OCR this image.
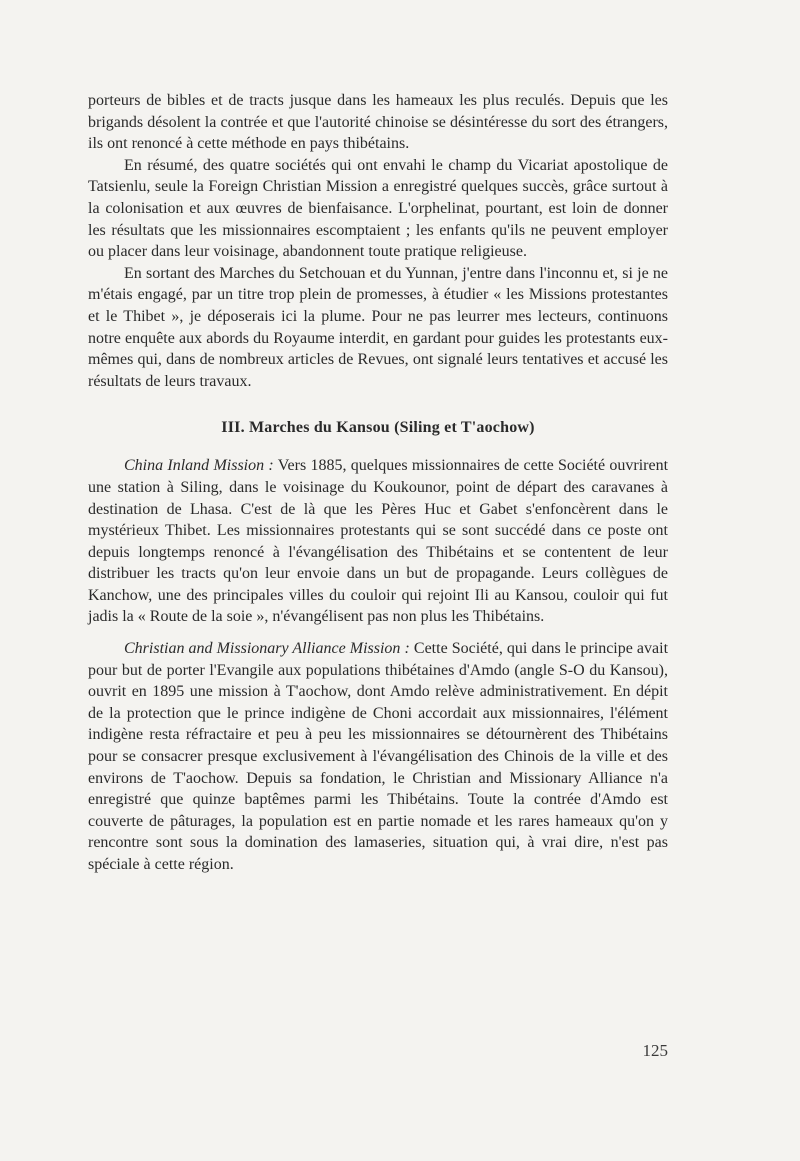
porteurs de bibles et de tracts jusque dans les hameaux les plus reculés. Depuis que les brigands désolent la contrée et que l'autorité chinoise se désintéresse du sort des étrangers, ils ont renoncé à cette méthode en pays thibétains.

En résumé, des quatre sociétés qui ont envahi le champ du Vicariat apostolique de Tatsienlu, seule la Foreign Christian Mission a enregistré quelques succès, grâce surtout à la colonisation et aux œuvres de bienfaisance. L'orphelinat, pourtant, est loin de donner les résultats que les missionnaires escomptaient ; les enfants qu'ils ne peuvent employer ou placer dans leur voisinage, abandonnent toute pratique religieuse.

En sortant des Marches du Setchouan et du Yunnan, j'entre dans l'inconnu et, si je ne m'étais engagé, par un titre trop plein de promesses, à étudier « les Missions protestantes et le Thibet », je déposerais ici la plume. Pour ne pas leurrer mes lecteurs, continuons notre enquête aux abords du Royaume interdit, en gardant pour guides les protestants eux-mêmes qui, dans de nombreux articles de Revues, ont signalé leurs tentatives et accusé les résultats de leurs travaux.

III. Marches du Kansou (Siling et T'aochow)

China Inland Mission : Vers 1885, quelques missionnaires de cette Société ouvrirent une station à Siling, dans le voisinage du Koukounor, point de départ des caravanes à destination de Lhasa. C'est de là que les Pères Huc et Gabet s'enfoncèrent dans le mystérieux Thibet. Les missionnaires protestants qui se sont succédé dans ce poste ont depuis longtemps renoncé à l'évangélisation des Thibétains et se contentent de leur distribuer les tracts qu'on leur envoie dans un but de propagande. Leurs collègues de Kanchow, une des principales villes du couloir qui rejoint Ili au Kansou, couloir qui fut jadis la « Route de la soie », n'évangélisent pas non plus les Thibétains.

Christian and Missionary Alliance Mission : Cette Société, qui dans le principe avait pour but de porter l'Evangile aux populations thibétaines d'Amdo (angle S-O du Kansou), ouvrit en 1895 une mission à T'aochow, dont Amdo relève administrativement. En dépit de la protection que le prince indigène de Choni accordait aux missionnaires, l'élément indigène resta réfractaire et peu à peu les missionnaires se détournèrent des Thibétains pour se consacrer presque exclusivement à l'évangélisation des Chinois de la ville et des environs de T'aochow. Depuis sa fondation, le Christian and Missionary Alliance n'a enregistré que quinze baptêmes parmi les Thibétains. Toute la contrée d'Amdo est couverte de pâturages, la population est en partie nomade et les rares hameaux qu'on y rencontre sont sous la domination des lamaseries, situation qui, à vrai dire, n'est pas spéciale à cette région.

125
